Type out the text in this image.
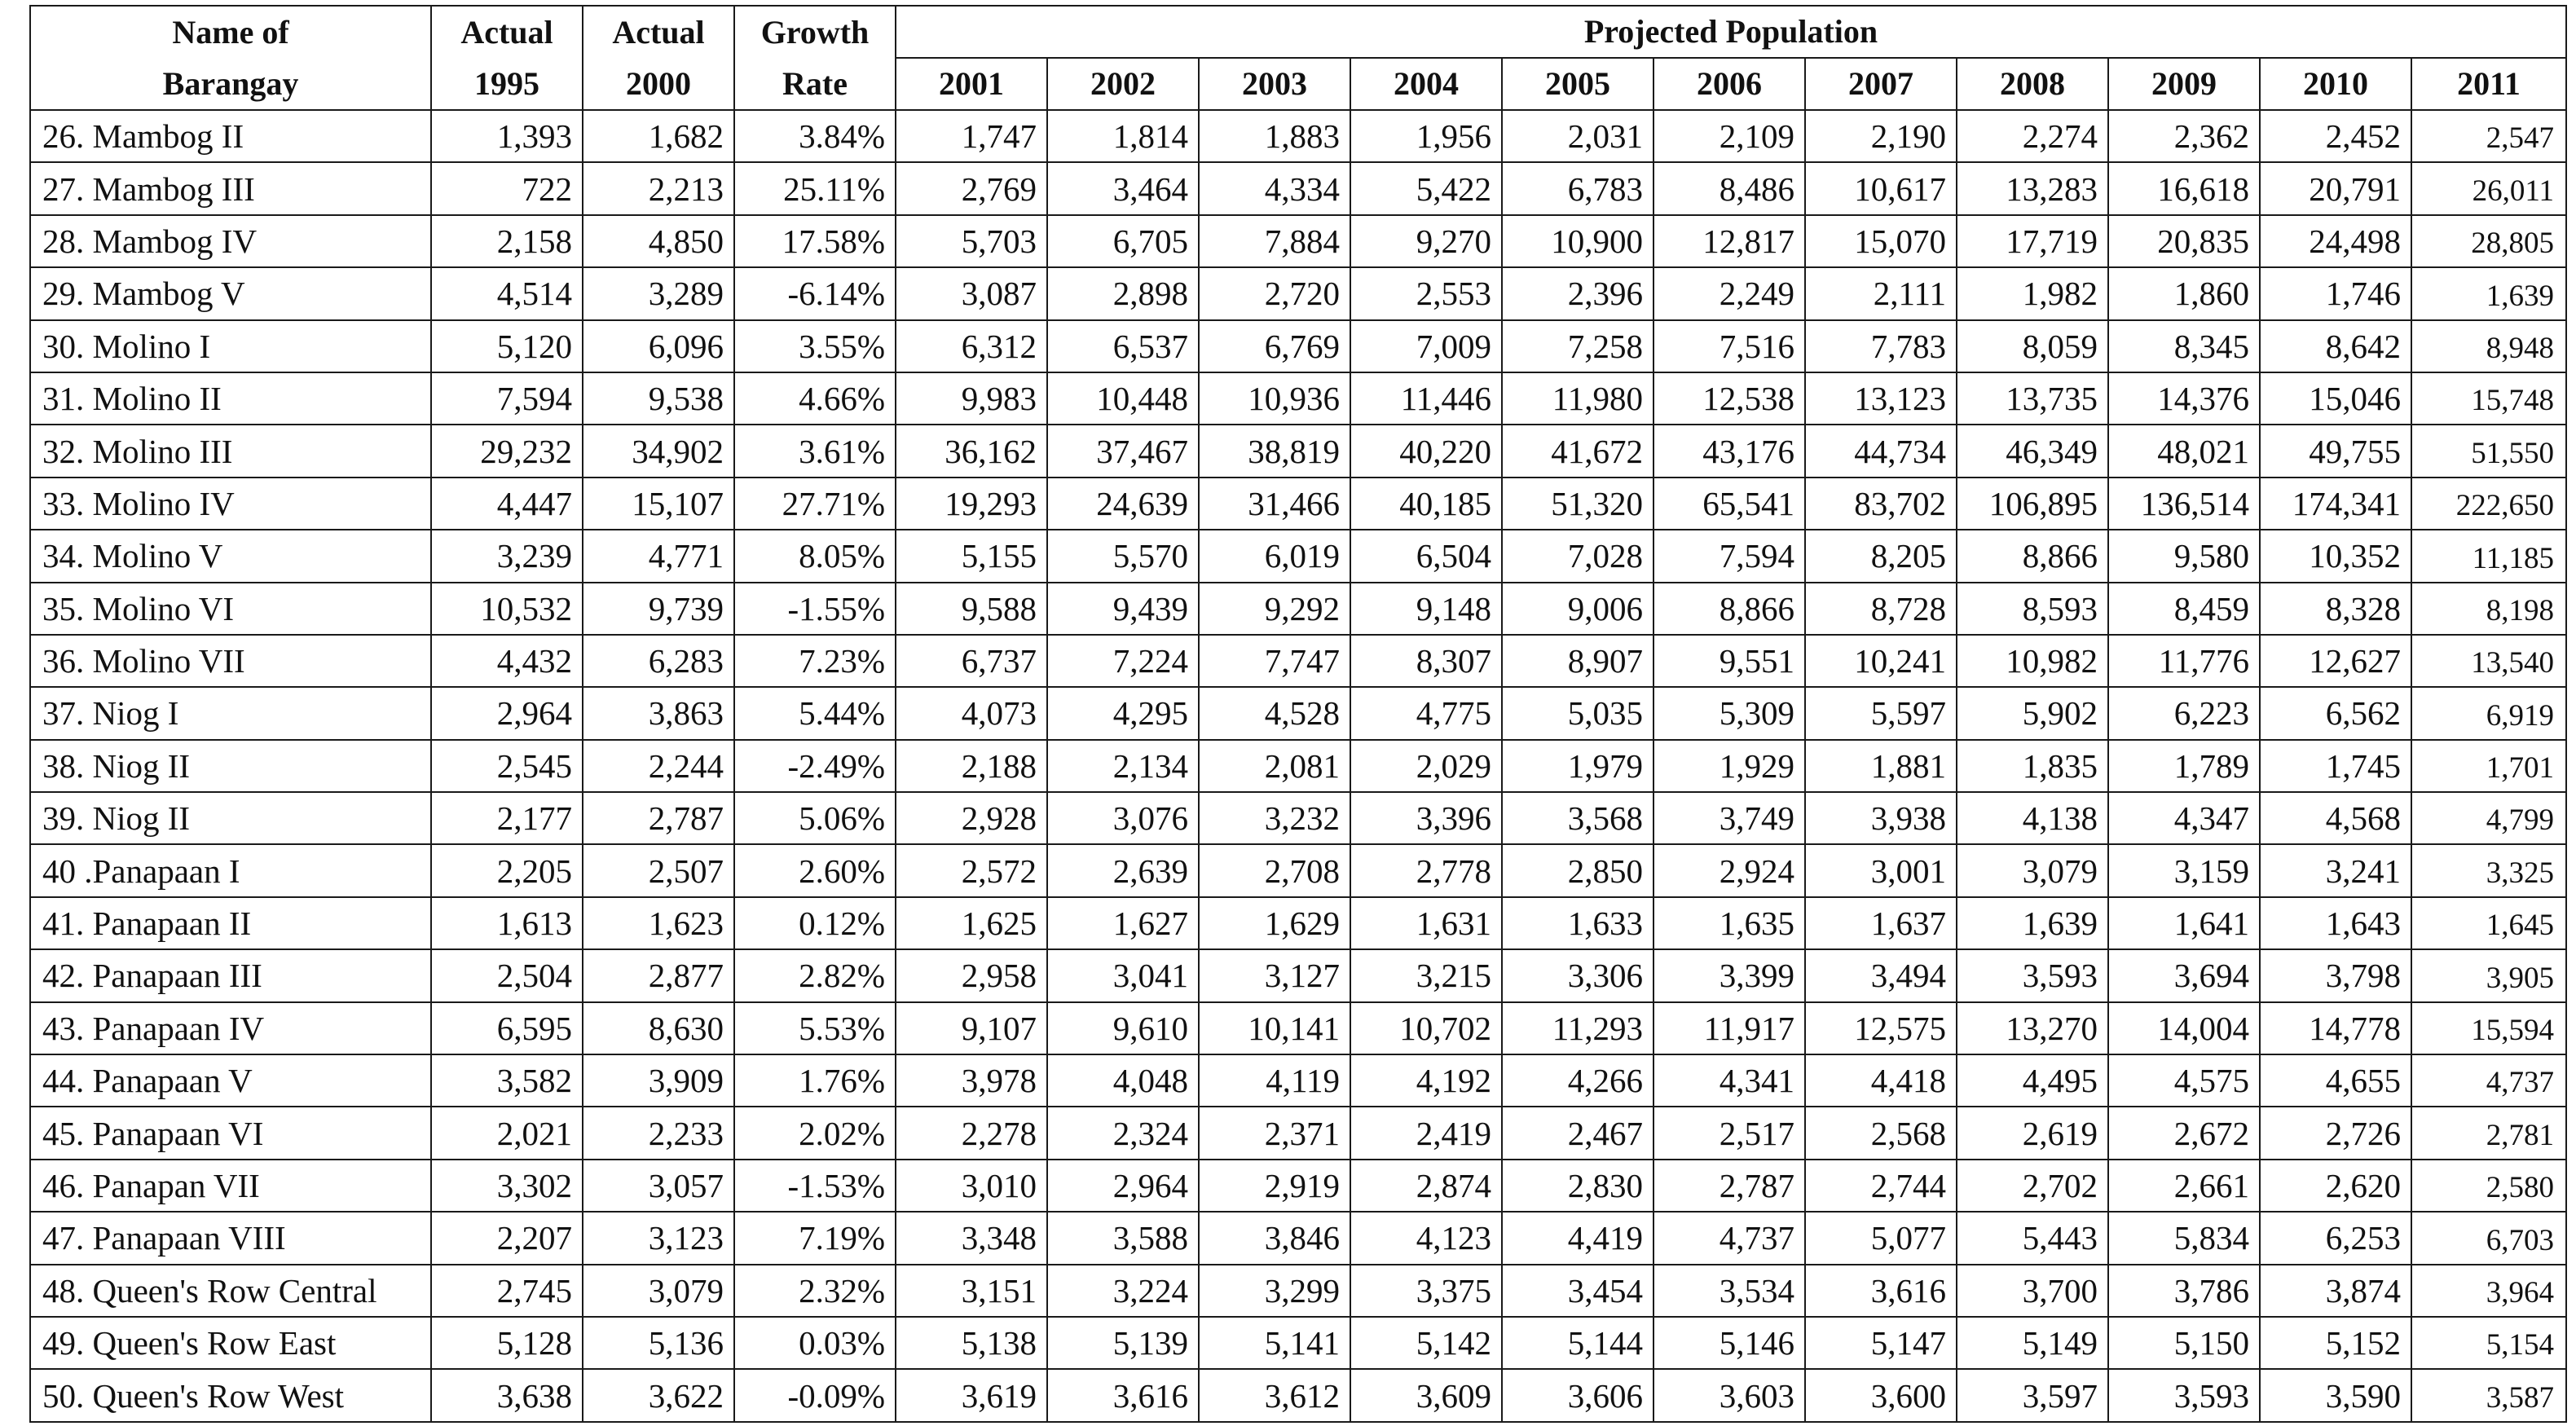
Name of	Actual	Actual	Growth	Projected Population										
Barangay	1995	2000	Rate	2001	2002	2003	2004	2005	2006	2007	2008	2009	2010	2011
26. Mambog II	1,393	1,682	3.84%	1,747	1,814	1,883	1,956	2,031	2,109	2,190	2,274	2,362	2,452	2,547
27. Mambog III	722	2,213	25.11%	2,769	3,464	4,334	5,422	6,783	8,486	10,617	13,283	16,618	20,791	26,011
28. Mambog IV	2,158	4,850	17.58%	5,703	6,705	7,884	9,270	10,900	12,817	15,070	17,719	20,835	24,498	28,805
29. Mambog V	4,514	3,289	-6.14%	3,087	2,898	2,720	2,553	2,396	2,249	2,111	1,982	1,860	1,746	1,639
30. Molino I	5,120	6,096	3.55%	6,312	6,537	6,769	7,009	7,258	7,516	7,783	8,059	8,345	8,642	8,948
31. Molino II	7,594	9,538	4.66%	9,983	10,448	10,936	11,446	11,980	12,538	13,123	13,735	14,376	15,046	15,748
32. Molino III	29,232	34,902	3.61%	36,162	37,467	38,819	40,220	41,672	43,176	44,734	46,349	48,021	49,755	51,550
33. Molino IV	4,447	15,107	27.71%	19,293	24,639	31,466	40,185	51,320	65,541	83,702	106,895	136,514	174,341	222,650
34. Molino V	3,239	4,771	8.05%	5,155	5,570	6,019	6,504	7,028	7,594	8,205	8,866	9,580	10,352	11,185
35. Molino VI	10,532	9,739	-1.55%	9,588	9,439	9,292	9,148	9,006	8,866	8,728	8,593	8,459	8,328	8,198
36. Molino VII	4,432	6,283	7.23%	6,737	7,224	7,747	8,307	8,907	9,551	10,241	10,982	11,776	12,627	13,540
37. Niog I	2,964	3,863	5.44%	4,073	4,295	4,528	4,775	5,035	5,309	5,597	5,902	6,223	6,562	6,919
38. Niog II	2,545	2,244	-2.49%	2,188	2,134	2,081	2,029	1,979	1,929	1,881	1,835	1,789	1,745	1,701
39. Niog II	2,177	2,787	5.06%	2,928	3,076	3,232	3,396	3,568	3,749	3,938	4,138	4,347	4,568	4,799
40 .Panapaan I	2,205	2,507	2.60%	2,572	2,639	2,708	2,778	2,850	2,924	3,001	3,079	3,159	3,241	3,325
41. Panapaan II	1,613	1,623	0.12%	1,625	1,627	1,629	1,631	1,633	1,635	1,637	1,639	1,641	1,643	1,645
42. Panapaan III	2,504	2,877	2.82%	2,958	3,041	3,127	3,215	3,306	3,399	3,494	3,593	3,694	3,798	3,905
43. Panapaan IV	6,595	8,630	5.53%	9,107	9,610	10,141	10,702	11,293	11,917	12,575	13,270	14,004	14,778	15,594
44. Panapaan V	3,582	3,909	1.76%	3,978	4,048	4,119	4,192	4,266	4,341	4,418	4,495	4,575	4,655	4,737
45. Panapaan VI	2,021	2,233	2.02%	2,278	2,324	2,371	2,419	2,467	2,517	2,568	2,619	2,672	2,726	2,781
46. Panapan VII	3,302	3,057	-1.53%	3,010	2,964	2,919	2,874	2,830	2,787	2,744	2,702	2,661	2,620	2,580
47. Panapaan VIII	2,207	3,123	7.19%	3,348	3,588	3,846	4,123	4,419	4,737	5,077	5,443	5,834	6,253	6,703
48. Queen's Row Central	2,745	3,079	2.32%	3,151	3,224	3,299	3,375	3,454	3,534	3,616	3,700	3,786	3,874	3,964
49. Queen's Row East	5,128	5,136	0.03%	5,138	5,139	5,141	5,142	5,144	5,146	5,147	5,149	5,150	5,152	5,154
50. Queen's Row West	3,638	3,622	-0.09%	3,619	3,616	3,612	3,609	3,606	3,603	3,600	3,597	3,593	3,590	3,587
